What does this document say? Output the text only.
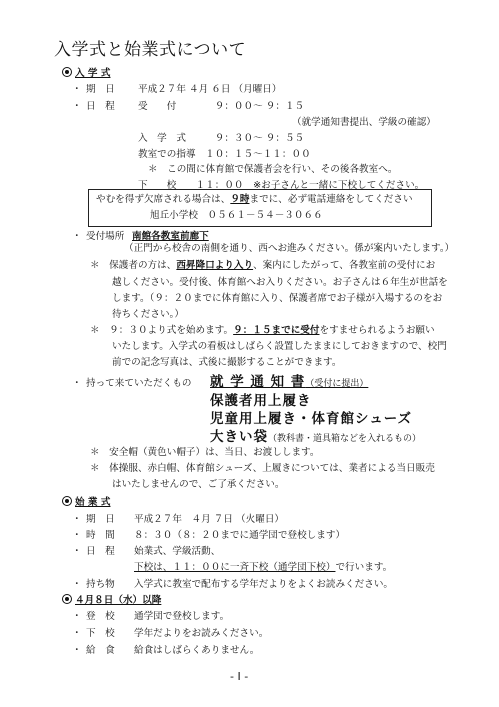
入学式と始業式について
入 学 式
・ 期　日 平成２７年 ４月 ６日 （月曜日）
・ 日　程 受　　付　　　　９：００～ ９：１５
（就学通知書提出、学級の確認）
入　学　式　　　９：３０～ ９：５５
教室での指導　１０：１５～１１：００
＊　この間に体育館で保護者会を行い、その後各教室へ。
下　　校　　１１：００　※お子さんと一緒に下校してください。
やむを得ず欠席される場合は、９時までに、必ず電話連絡をしてください
旭丘小学校　０５６１－５４－３０６６
・ 受付場所 南館各教室前廊下
（正門から校舎の南側を通り、西へお進みください。係が案内いたします。）
＊　保護者の方は、西昇降口より入り、案内にしたがって、各教室前の受付にお
越しください。受付後、体育館へお入りください。お子さんは６年生が世話を
します。（９：２０までに体育館に入り、保護者席でお子様が入場するのをお
待ちください。）
＊　９：３０より式を始めます。９：１５までに受付をすませられるようお願い
いたします。入学式の看板はしばらく設置したままにしておきますので、校門
前での記念写真は、式後に撮影することができます。
・ 持って来ていただくもの 就 学 通 知 書（受付に提出）
保護者用上履き
児童用上履き・体育館シューズ
大きい袋（教科書・道具箱などを入れるもの）
＊　安全帽（黄色い帽子）は、当日、お渡しします。
＊　体操服、赤白帽、体育館シューズ、上履きについては、業者による当日販売
はいたしませんので、ご了承ください。
始 業 式
・ 期　日 平成２７年　４月 ７日 （火曜日）
・ 時　間 ８：３０（８：２０までに通学団で登校します）
・ 日　程 始業式、学級活動、
下校は、１１：００に一斉下校（通学団下校）で行います。
・ 持ち物 入学式に教室で配布する学年だよりをよくお読みください。
４月８日（水）以降
・ 登　校 通学団で登校します。
・ 下　校 学年だよりをお読みください。
・ 給　食 給食はしばらくありません。
- I -
